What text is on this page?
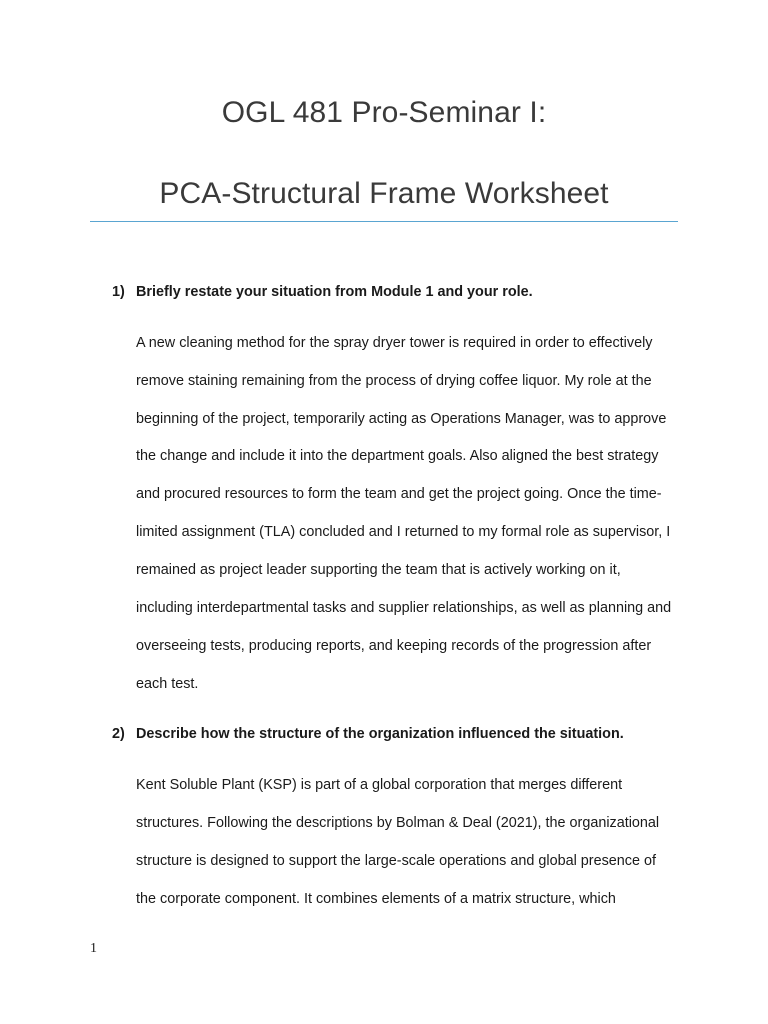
OGL 481 Pro-Seminar I:
PCA-Structural Frame Worksheet

1) Briefly restate your situation from Module 1 and your role.

A new cleaning method for the spray dryer tower is required in order to effectively
remove staining remaining from the process of drying coffee liquor. My role at the
beginning of the project, temporarily acting as Operations Manager, was to approve
the change and include it into the department goals. Also aligned the best strategy
and procured resources to form the team and get the project going. Once the time-
limited assignment (TLA) concluded and I returned to my formal role as supervisor, I
remained as project leader supporting the team that is actively working on it,
including interdepartmental tasks and supplier relationships, as well as planning and
overseeing tests, producing reports, and keeping records of the progression after
each test.

2) Describe how the structure of the organization influenced the situation.

Kent Soluble Plant (KSP) is part of a global corporation that merges different
structures. Following the descriptions by Bolman & Deal (2021), the organizational
structure is designed to support the large-scale operations and global presence of
the corporate component. It combines elements of a matrix structure, which

1
